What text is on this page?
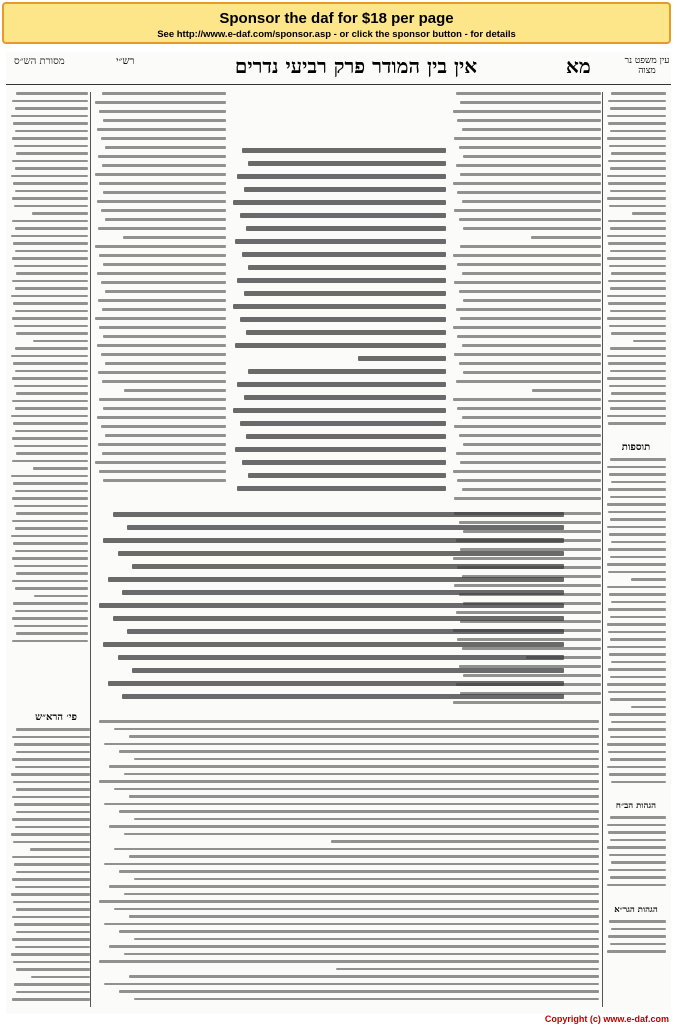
Sponsor the daf for $18 per page
See http://www.e-daf.com/sponsor.asp - or click the sponsor button - for details
מסורת הש״ס	רש״י	אין בין המודר פרק רביעי נדרים	מא	עין משפט נר מצוה
פי׳ הרא״ש
תוספות
הגהות הב״ח
הגהות הגר״א
Copyright (c) www.e-daf.com
